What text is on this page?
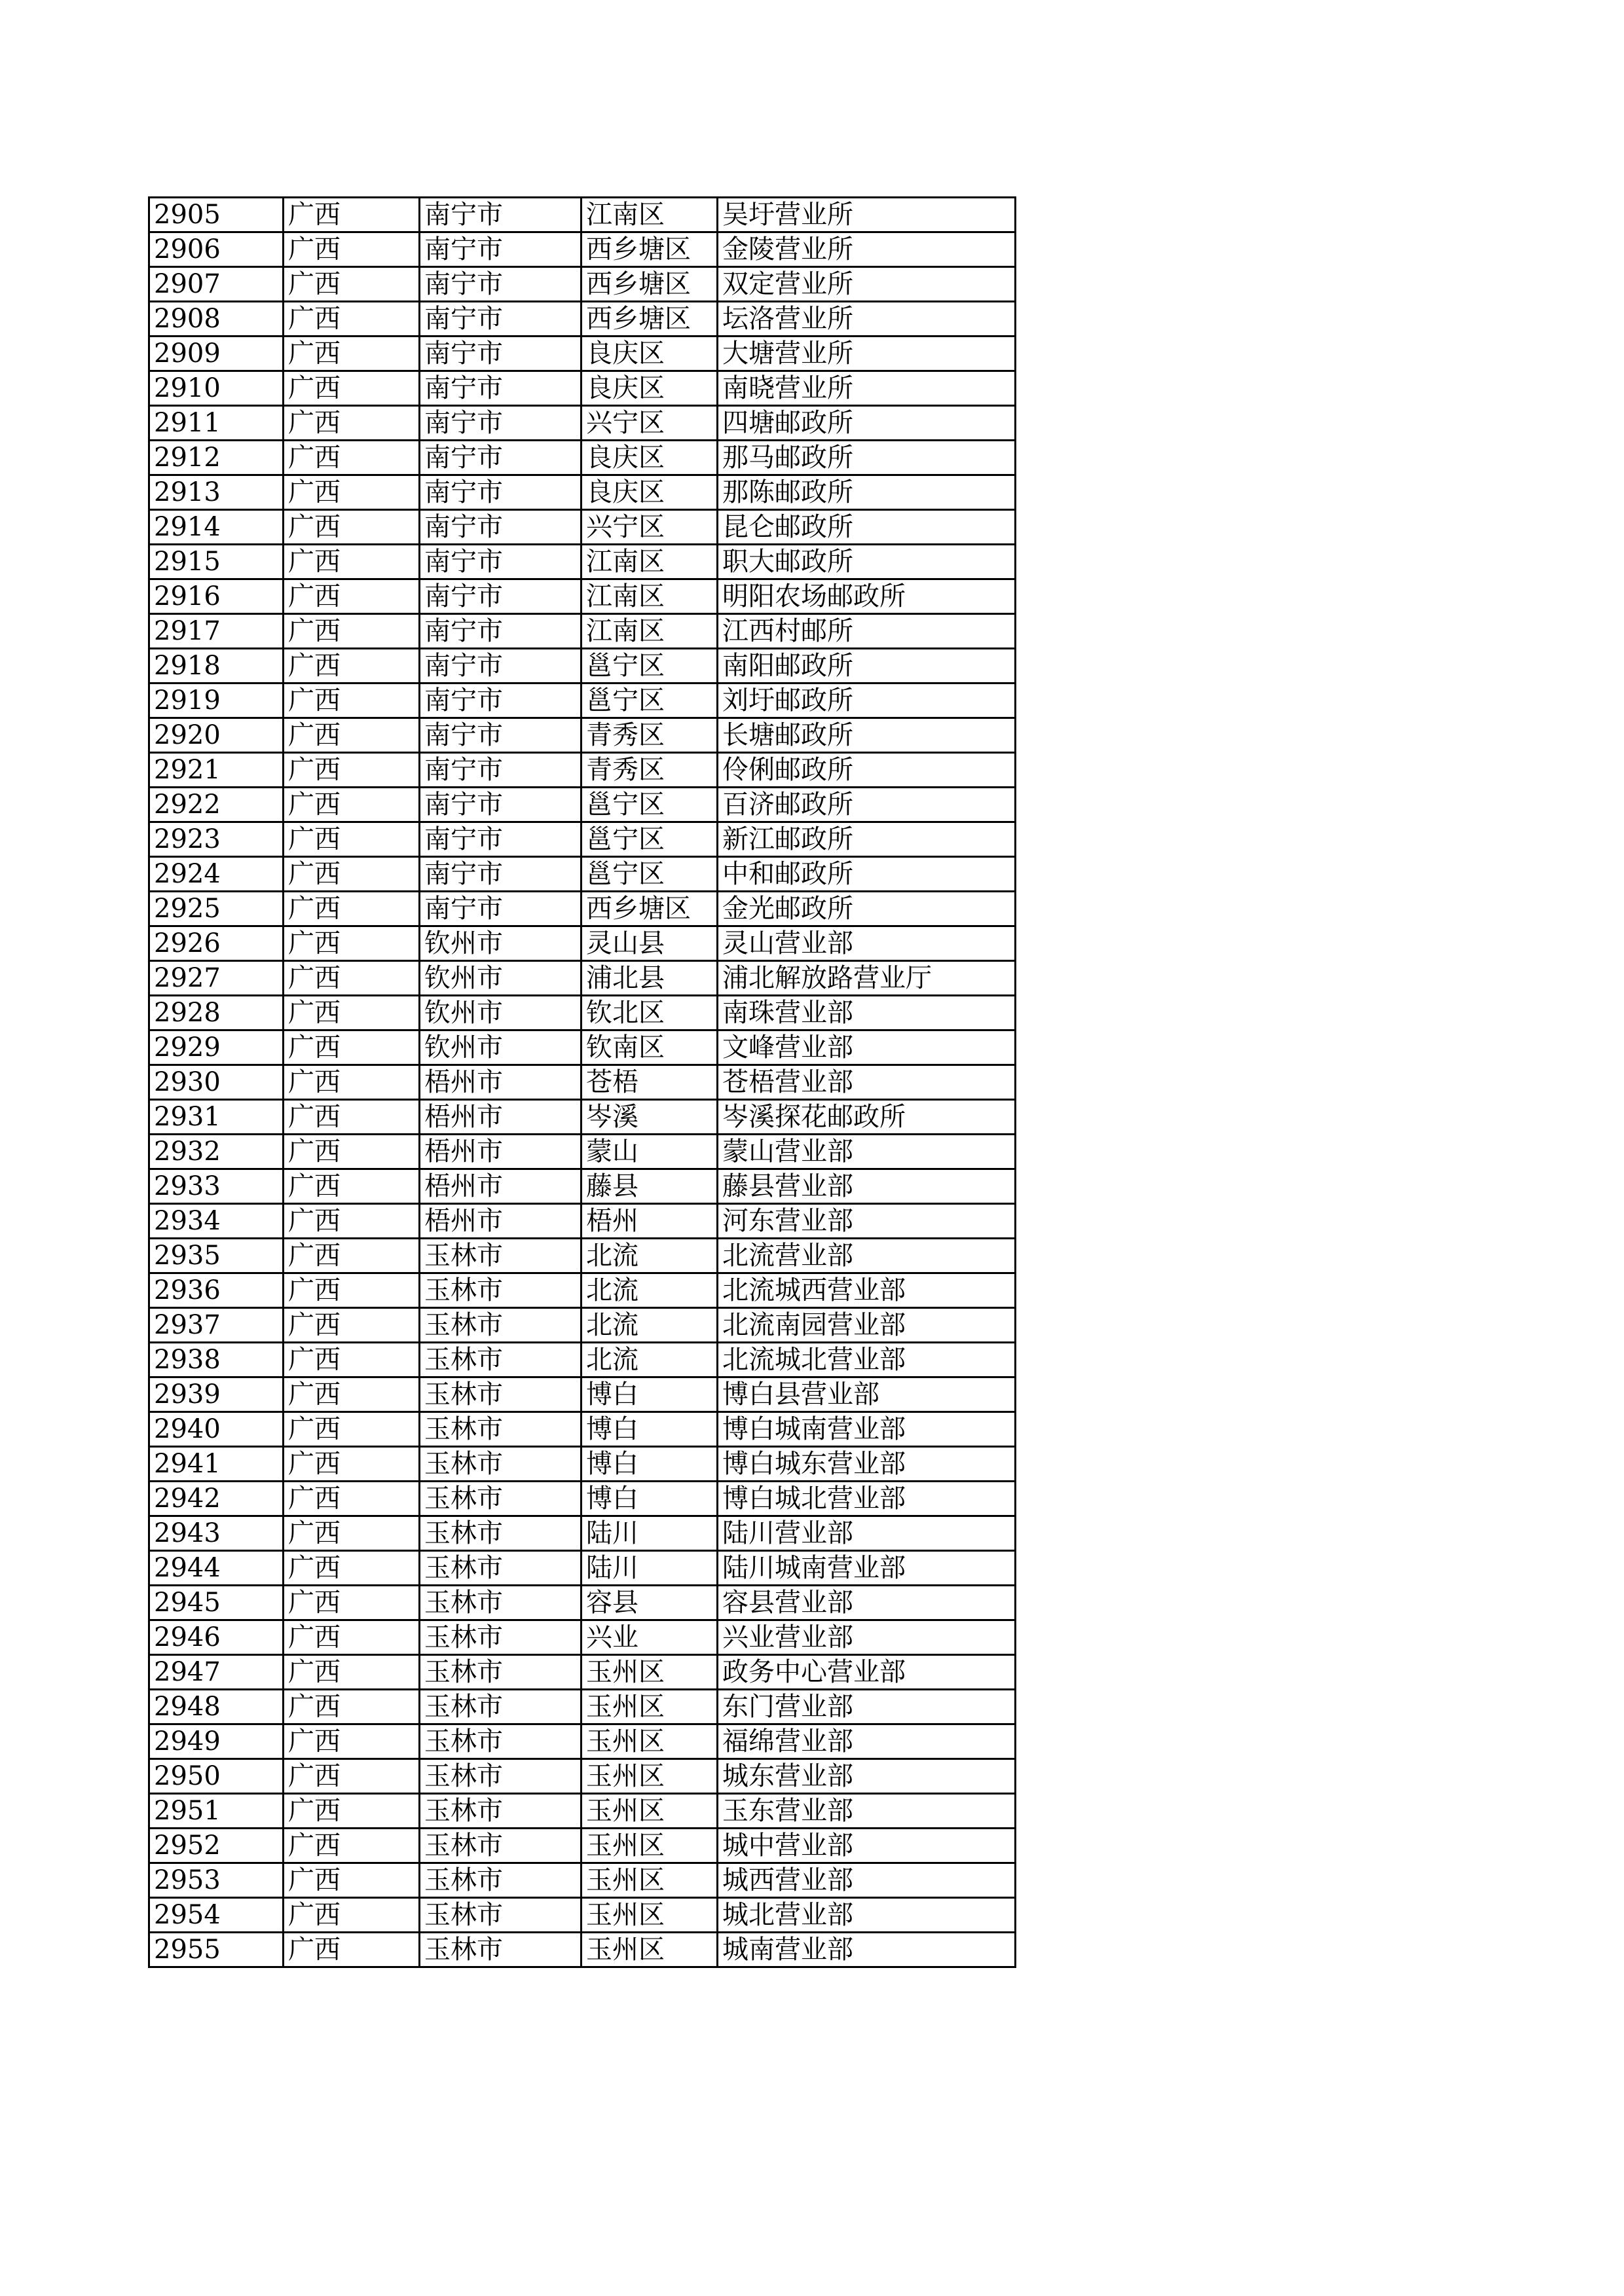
2905	广西	南宁市	江南区	吴圩营业所
2906	广西	南宁市	西乡塘区	金陵营业所
2907	广西	南宁市	西乡塘区	双定营业所
2908	广西	南宁市	西乡塘区	坛洛营业所
2909	广西	南宁市	良庆区	大塘营业所
2910	广西	南宁市	良庆区	南晓营业所
2911	广西	南宁市	兴宁区	四塘邮政所
2912	广西	南宁市	良庆区	那马邮政所
2913	广西	南宁市	良庆区	那陈邮政所
2914	广西	南宁市	兴宁区	昆仑邮政所
2915	广西	南宁市	江南区	职大邮政所
2916	广西	南宁市	江南区	明阳农场邮政所
2917	广西	南宁市	江南区	江西村邮所
2918	广西	南宁市	邕宁区	南阳邮政所
2919	广西	南宁市	邕宁区	刘圩邮政所
2920	广西	南宁市	青秀区	长塘邮政所
2921	广西	南宁市	青秀区	伶俐邮政所
2922	广西	南宁市	邕宁区	百济邮政所
2923	广西	南宁市	邕宁区	新江邮政所
2924	广西	南宁市	邕宁区	中和邮政所
2925	广西	南宁市	西乡塘区	金光邮政所
2926	广西	钦州市	灵山县	灵山营业部
2927	广西	钦州市	浦北县	浦北解放路营业厅
2928	广西	钦州市	钦北区	南珠营业部
2929	广西	钦州市	钦南区	文峰营业部
2930	广西	梧州市	苍梧	苍梧营业部
2931	广西	梧州市	岑溪	岑溪探花邮政所
2932	广西	梧州市	蒙山	蒙山营业部
2933	广西	梧州市	藤县	藤县营业部
2934	广西	梧州市	梧州	河东营业部
2935	广西	玉林市	北流	北流营业部
2936	广西	玉林市	北流	北流城西营业部
2937	广西	玉林市	北流	北流南园营业部
2938	广西	玉林市	北流	北流城北营业部
2939	广西	玉林市	博白	博白县营业部
2940	广西	玉林市	博白	博白城南营业部
2941	广西	玉林市	博白	博白城东营业部
2942	广西	玉林市	博白	博白城北营业部
2943	广西	玉林市	陆川	陆川营业部
2944	广西	玉林市	陆川	陆川城南营业部
2945	广西	玉林市	容县	容县营业部
2946	广西	玉林市	兴业	兴业营业部
2947	广西	玉林市	玉州区	政务中心营业部
2948	广西	玉林市	玉州区	东门营业部
2949	广西	玉林市	玉州区	福绵营业部
2950	广西	玉林市	玉州区	城东营业部
2951	广西	玉林市	玉州区	玉东营业部
2952	广西	玉林市	玉州区	城中营业部
2953	广西	玉林市	玉州区	城西营业部
2954	广西	玉林市	玉州区	城北营业部
2955	广西	玉林市	玉州区	城南营业部
